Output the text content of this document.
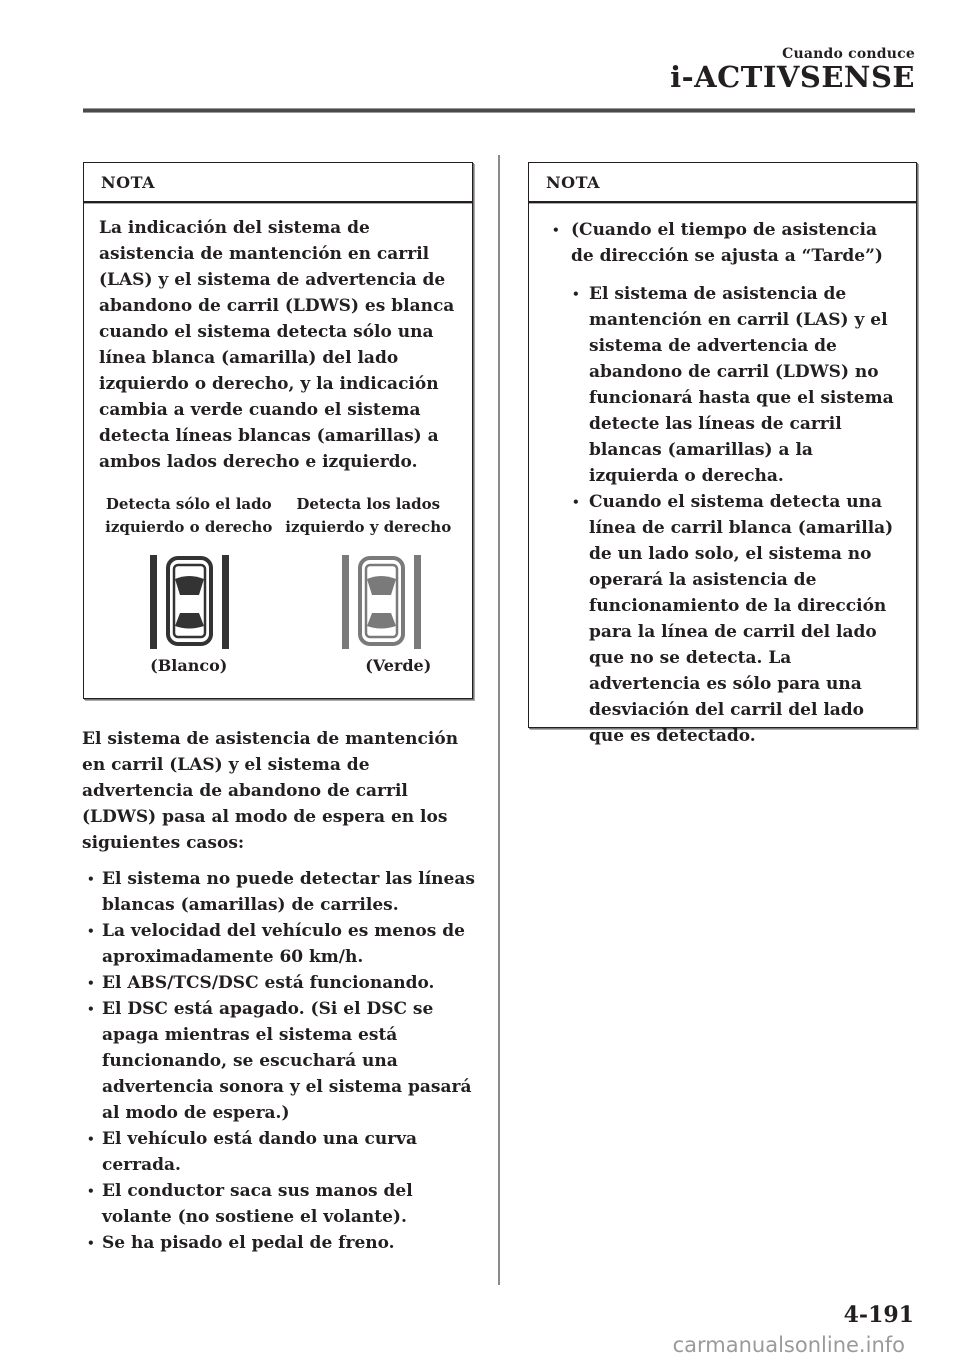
Cuando conduce
i-ACTIVSENSE
NOTA

La indicación del sistema de asistencia de mantención en carril (LAS) y el sistema de advertencia de abandono de carril (LDWS) es blanca cuando el sistema detecta sólo una línea blanca (amarilla) del lado izquierdo o derecho, y la indicación cambia a verde cuando el sistema detecta líneas blancas (amarillas) a ambos lados derecho e izquierdo.

Detecta sólo el lado izquierdo o derecho
(Blanco)
Detecta los lados izquierdo y derecho
(Verde)

El sistema de asistencia de mantención en carril (LAS) y el sistema de advertencia de abandono de carril (LDWS) pasa al modo de espera en los siguientes casos:

• El sistema no puede detectar las líneas blancas (amarillas) de carriles.
• La velocidad del vehículo es menos de aproximadamente 60 km/h.
• El ABS/TCS/DSC está funcionando.
• El DSC está apagado. (Si el DSC se apaga mientras el sistema está funcionando, se escuchará una advertencia sonora y el sistema pasará al modo de espera.)
• El vehículo está dando una curva cerrada.
• El conductor saca sus manos del volante (no sostiene el volante).
• Se ha pisado el pedal de freno.
NOTA
• (Cuando el tiempo de asistencia de dirección se ajusta a “Tarde”)
• El sistema de asistencia de mantención en carril (LAS) y el sistema de advertencia de abandono de carril (LDWS) no funcionará hasta que el sistema detecte las líneas de carril blancas (amarillas) a la izquierda o derecha.
• Cuando el sistema detecta una línea de carril blanca (amarilla) de un lado solo, el sistema no operará la asistencia de funcionamiento de la dirección para la línea de carril del lado que no se detecta. La advertencia es sólo para una desviación del carril del lado que es detectado.
4-191
carmanualsonline.info
